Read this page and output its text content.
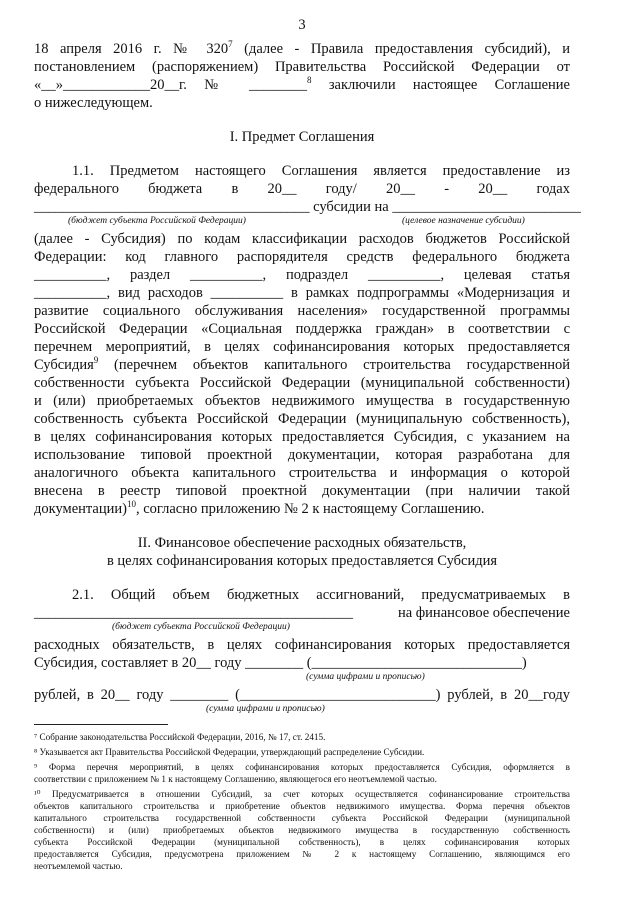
3
18 апреля 2016 г. № $320^7$ (далее - Правила предоставления субсидий), и
постановлением (распоряжением) Правительства Российской Федерации от
«__»____________20__г. № ________$^8$ заключили настоящее Соглашение
о нижеследующем.
I. Предмет Соглашения
1.1. Предметом настоящего Соглашения является предоставление из
федерального бюджета в 20__ году/ 20__ - 20__ годах
______________________________________ субсидии на __________________________
(бюджет субъекта Российской Федерации)	(целевое назначение субсидии)
(далее - Субсидия) по кодам классификации расходов бюджетов Российской
Федерации: код главного распорядителя средств федерального бюджета
__________, раздел __________, подраздел __________, целевая статья
__________, вид расходов __________ в рамках подпрограммы «Модернизация и
развитие социального обслуживания населения» государственной программы
Российской Федерации «Социальная поддержка граждан» в соответствии с
перечнем мероприятий, в целях софинансирования которых предоставляется
Субсидия$^9$ (перечнем объектов капитального строительства государственной
собственности субъекта Российской Федерации (муниципальной собственности)
и (или) приобретаемых объектов недвижимого имущества в государственную
собственность субъекта Российской Федерации (муниципальную собственность),
в целях софинансирования которых предоставляется Субсидия, с указанием на
использование типовой проектной документации, которая разработана для
аналогичного объекта капитального строительства и информация о которой
внесена в реестр типовой проектной документации (при наличии такой
документации)$^{10}$, согласно приложению № 2 к настоящему Соглашению.
II. Финансовое обеспечение расходных обязательств,
в целях софинансирования которых предоставляется Субсидия
2.1. Общий объем бюджетных ассигнований, предусматриваемых в
____________________________________________	на финансовое обеспечение
(бюджет субъекта Российской Федерации)
расходных обязательств, в целях софинансирования которых предоставляется
Субсидия, составляет в 20__ году ________ (_____________________________)
(сумма цифрами и прописью)
рублей, в 20__ году ________ (___________________________) рублей, в 20__году
(сумма цифрами и прописью)
⁷ Собрание законодательства Российской Федерации, 2016, № 17, ст. 2415.
⁸ Указывается акт Правительства Российской Федерации, утверждающий распределение Субсидии.
⁹ Форма перечня мероприятий, в целях софинансирования которых предоставляется Субсидия, оформляется в
соответствии с приложением № 1 к настоящему Соглашению, являющегося его неотъемлемой частью.
¹⁰ Предусматривается в отношении Субсидий, за счет которых осуществляется софинансирование строительства
объектов капитального строительства и приобретение объектов недвижимого имущества. Форма перечня объектов
капитального строительства государственной собственности субъекта Российской Федерации (муниципальной
собственности) и (или) приобретаемых объектов недвижимого имущества в государственную собственность
субъекта Российской Федерации (муниципальной собственность), в целях софинансирования которых
предоставляется Субсидия, предусмотрена приложением № 2 к настоящему Соглашению, являющимся его
неотъемлемой частью.
